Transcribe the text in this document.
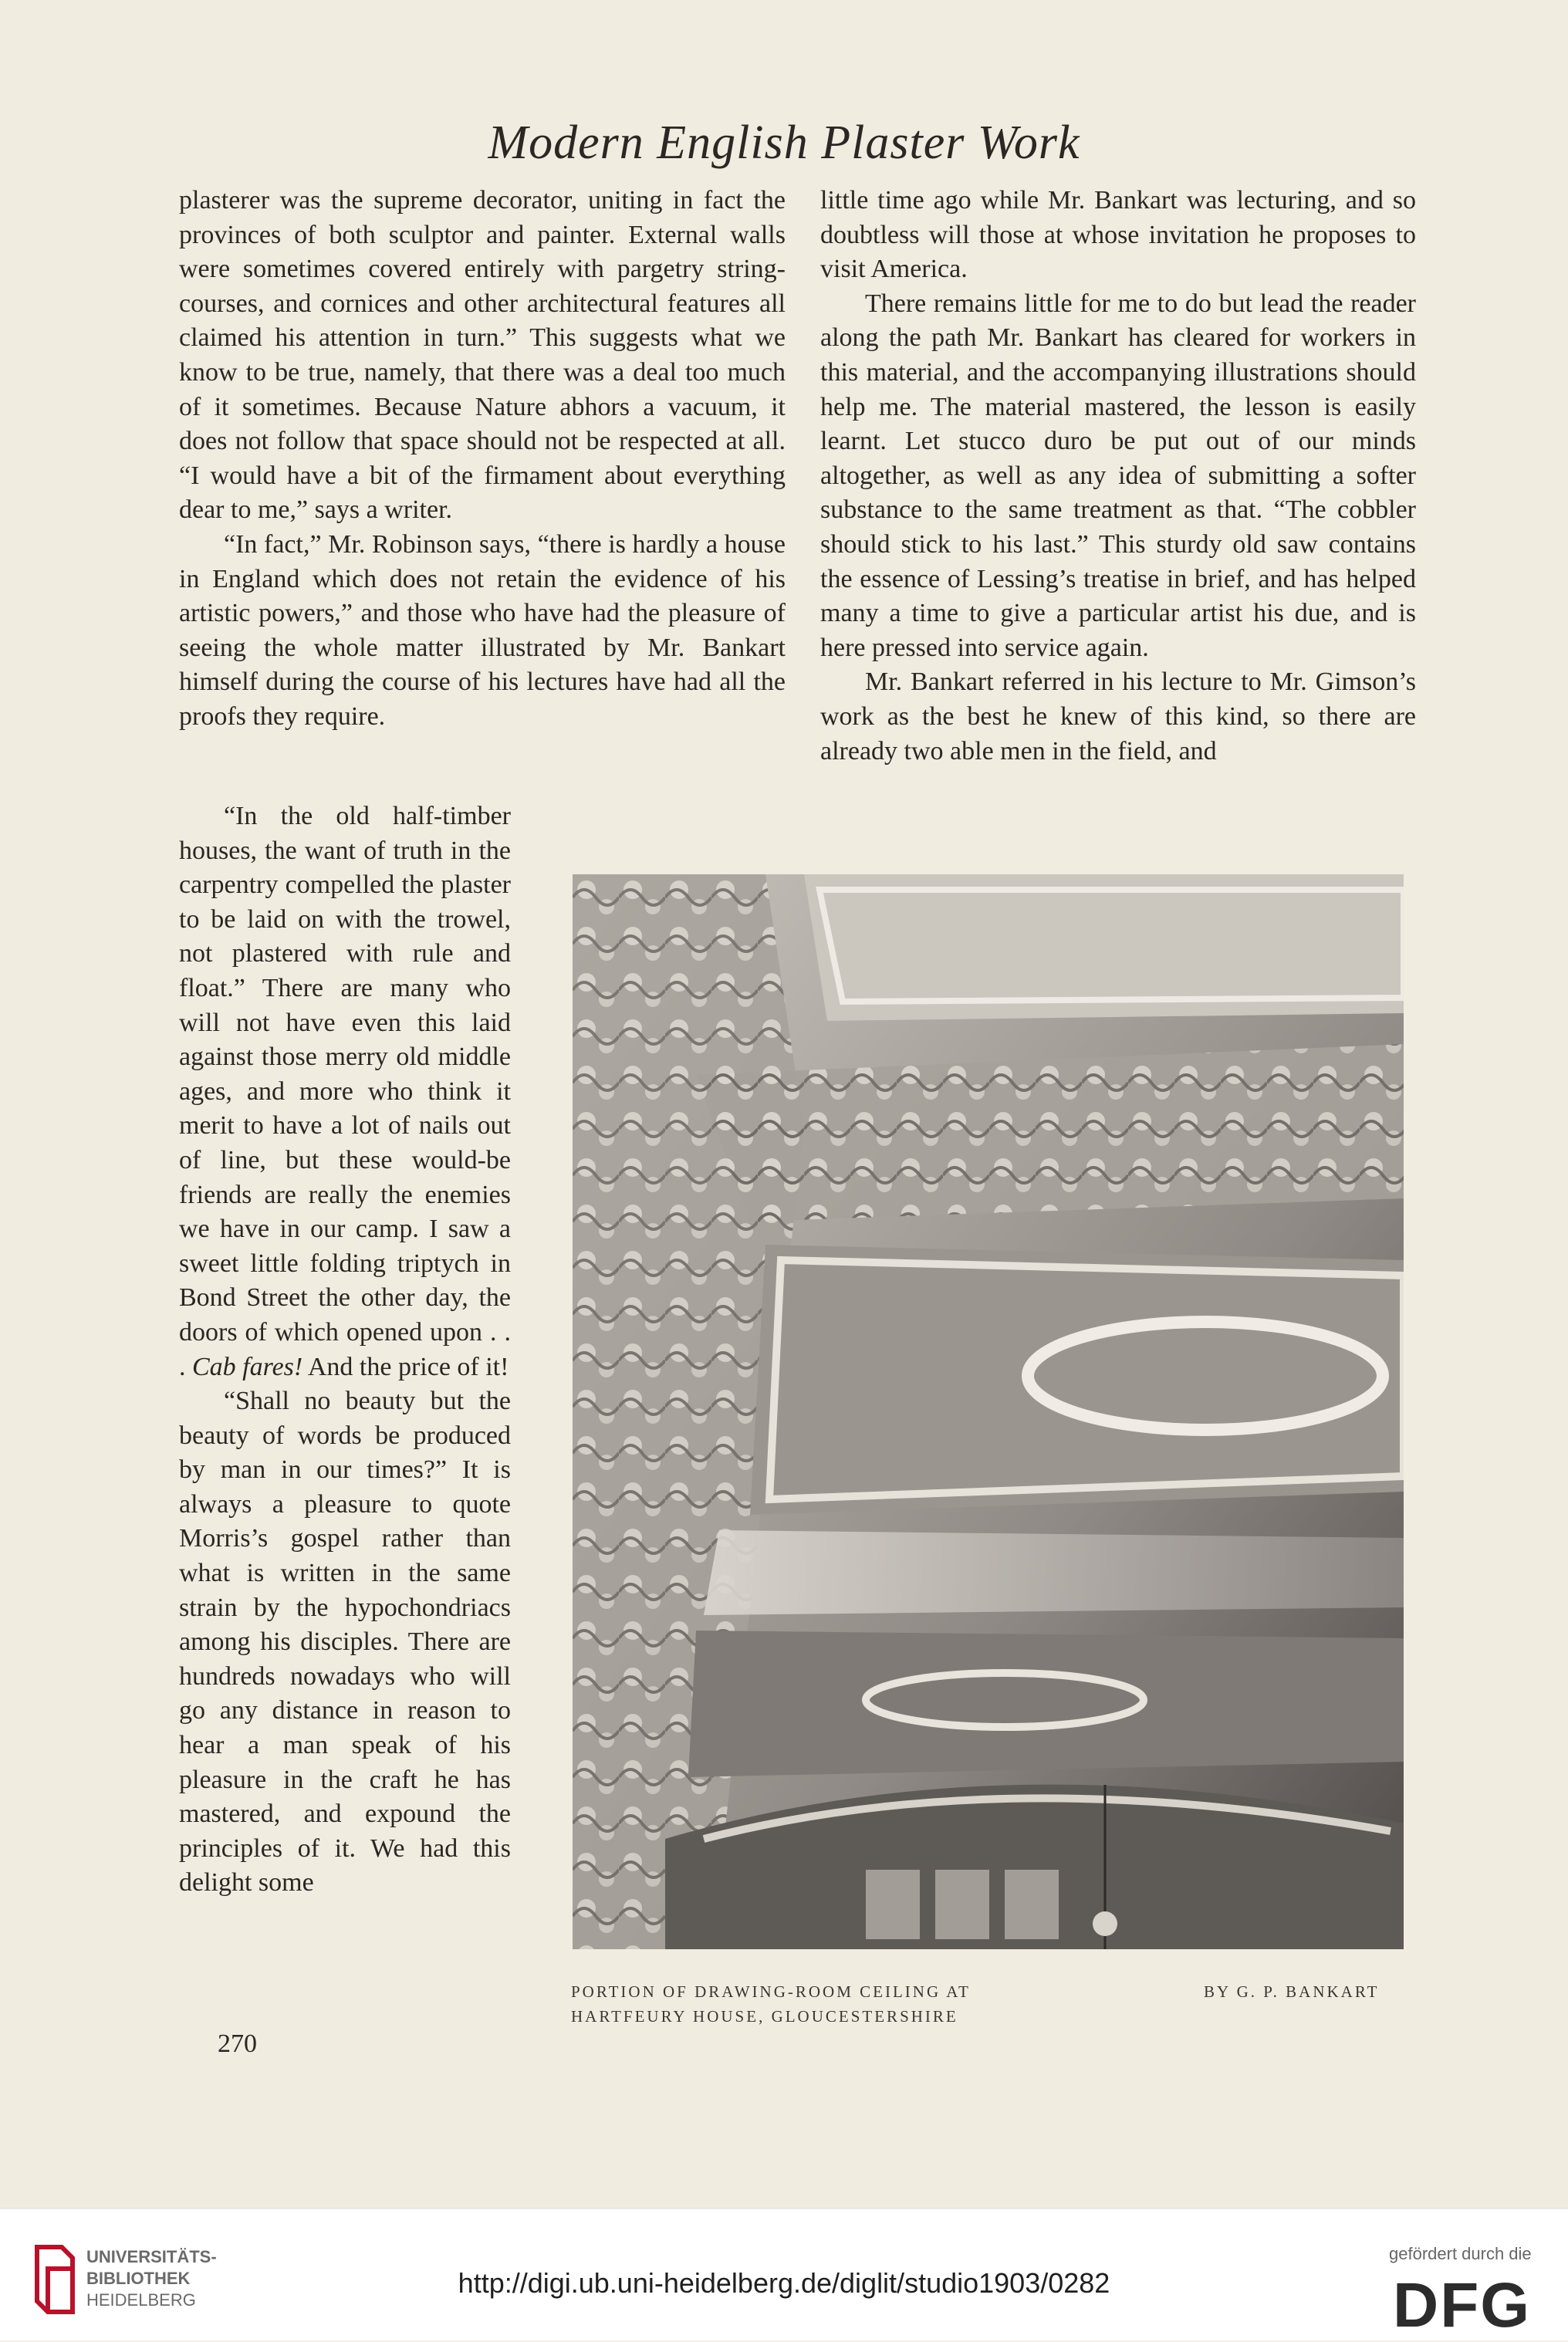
Modern English Plaster Work

plasterer was the supreme decorator, uniting in fact the provinces of both sculptor and painter. External walls were sometimes covered entirely with pargetry string-courses, and cornices and other architectural features all claimed his attention in turn.” This suggests what we know to be true, namely, that there was a deal too much of it sometimes. Because Nature abhors a vacuum, it does not follow that space should not be respected at all. “I would have a bit of the firmament about everything dear to me,” says a writer.

“In fact,” Mr. Robinson says, “there is hardly a house in England which does not retain the evidence of his artistic powers,” and those who have had the pleasure of seeing the whole matter illustrated by Mr. Bankart himself during the course of his lectures have had all the proofs they require.

little time ago while Mr. Bankart was lecturing, and so doubtless will those at whose invitation he proposes to visit America.

There remains little for me to do but lead the reader along the path Mr. Bankart has cleared for workers in this material, and the accompanying illustrations should help me. The material mastered, the lesson is easily learnt. Let stucco duro be put out of our minds altogether, as well as any idea of submitting a softer substance to the same treatment as that. “The cobbler should stick to his last.” This sturdy old saw contains the essence of Lessing’s treatise in brief, and has helped many a time to give a particular artist his due, and is here pressed into service again.

Mr. Bankart referred in his lecture to Mr. Gimson’s work as the best he knew of this kind, so there are already two able men in the field, and

“In the old half-timber houses, the want of truth in the carpentry compelled the plaster to be laid on with the trowel, not plastered with rule and float.” There are many who will not have even this laid against those merry old middle ages, and more who think it merit to have a lot of nails out of line, but these would-be friends are really the enemies we have in our camp. I saw a sweet little folding triptych in Bond Street the other day, the doors of which opened upon . . . Cab fares! And the price of it!

“Shall no beauty but the beauty of words be produced by man in our times?” It is always a pleasure to quote Morris’s gospel rather than what is written in the same strain by the hypochondriacs among his disciples. There are hundreds nowadays who will go any distance in reason to hear a man speak of his pleasure in the craft he has mastered, and expound the principles of it. We had this delight some

PORTION OF DRAWING-ROOM CEILING AT
HARTFEURY HOUSE, GLOUCESTERSHIRE
BY G. P. BANKART
270
UNIVERSITÄTS-
BIBLIOTHEK
HEIDELBERG
http://digi.ub.uni-heidelberg.de/diglit/studio1903/0282
gefördert durch die
DFG
